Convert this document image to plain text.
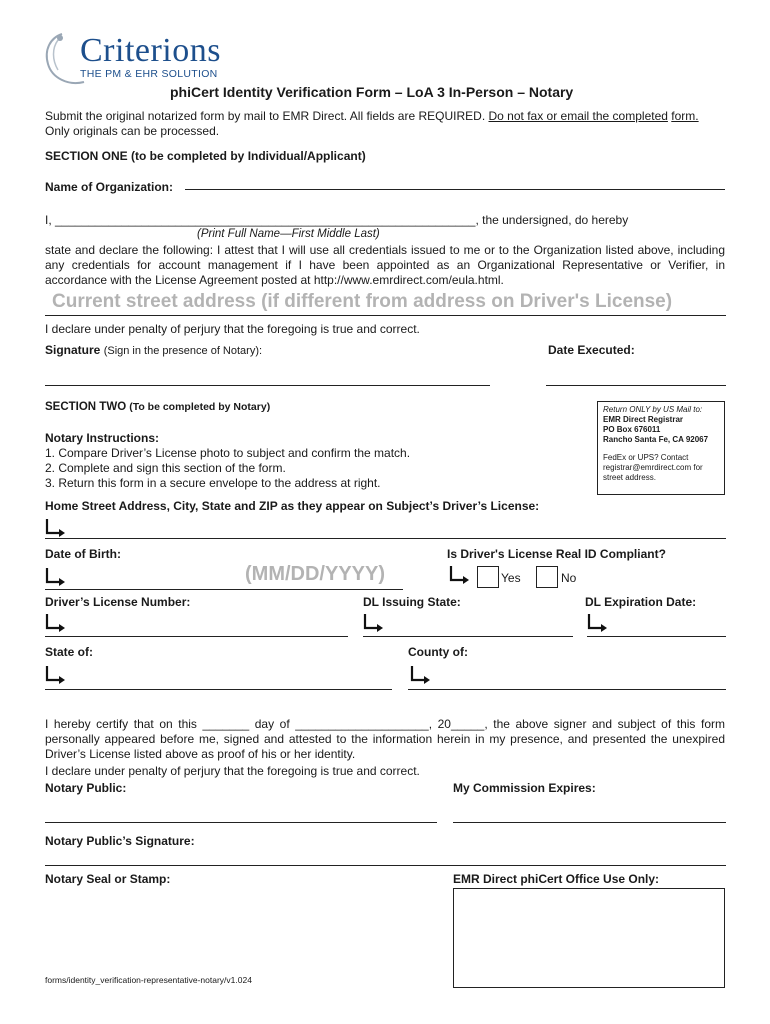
Criterions
THE PM & EHR SOLUTION
phiCert Identity Verification Form – LoA 3 In-Person – Notary
Submit the original notarized form by mail to EMR Direct. All fields are REQUIRED. Do not fax or email the completed form. Only originals can be processed.
SECTION ONE (to be completed by Individual/Applicant)
Name of Organization:
I, _______________________________________________________________, the undersigned, do hereby
(Print Full Name—First Middle Last)
state and declare the following: I attest that I will use all credentials issued to me or to the Organization listed above, including any credentials for account management if I have been appointed as an Organizational Representative or Verifier, in accordance with the License Agreement posted at http://www.emrdirect.com/eula.html.
Current street address (if different from address on Driver's License)
I declare under penalty of perjury that the foregoing is true and correct.
Signature (Sign in the presence of Notary):	Date Executed:
SECTION TWO (To be completed by Notary)
Notary Instructions:
1. Compare Driver’s License photo to subject and confirm the match.
2. Complete and sign this section of the form.
3. Return this form in a secure envelope to the address at right.
Return ONLY by US Mail to:
EMR Direct Registrar
PO Box 676011
Rancho Santa Fe, CA 92067
FedEx or UPS? Contact
registrar@emrdirect.com for
street address.
Home Street Address, City, State and ZIP as they appear on Subject’s Driver’s License:
Date of Birth:	Is Driver's License Real ID Compliant?
(MM/DD/YYYY)	Yes	No
Driver’s License Number:	DL Issuing State:	DL Expiration Date:
State of:	County of:
I hereby certify that on this _______ day of ____________________, 20_____, the above signer and subject of this form personally appeared before me, signed and attested to the information herein in my presence, and presented the unexpired Driver’s License listed above as proof of his or her identity.
I declare under penalty of perjury that the foregoing is true and correct.
Notary Public:	My Commission Expires:
Notary Public’s Signature:
Notary Seal or Stamp:	EMR Direct phiCert Office Use Only:
forms/identity_verification-representative-notary/v1.024
